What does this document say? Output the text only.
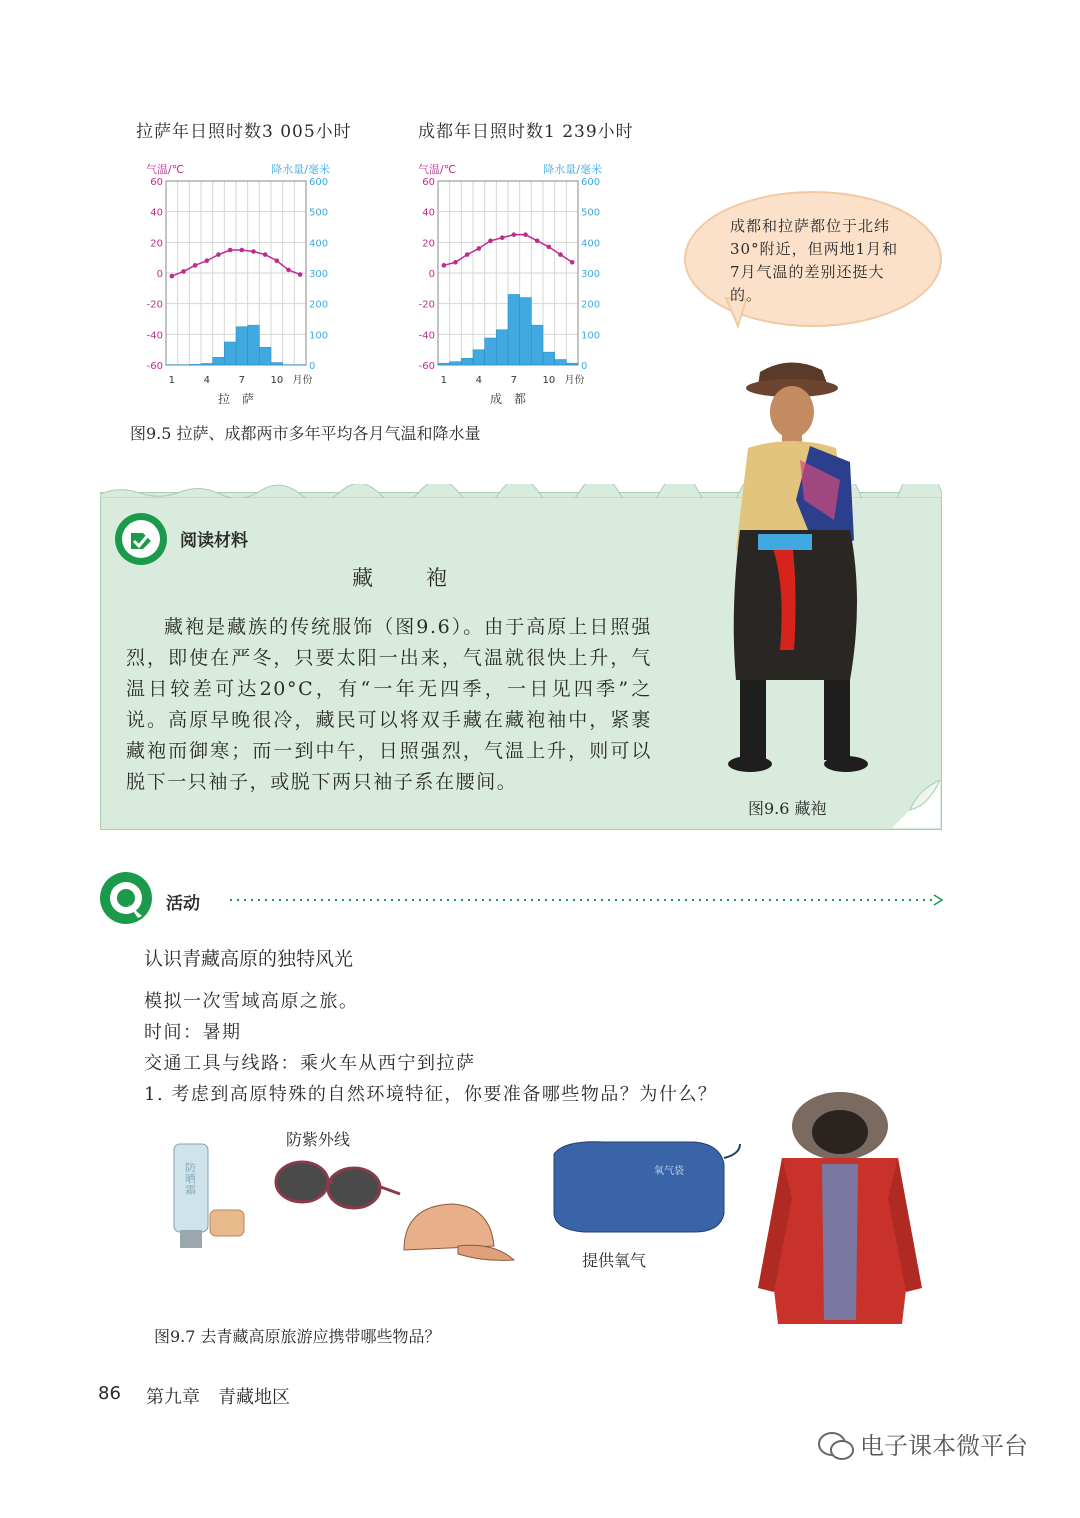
拉萨年日照时数3 005小时	成都年日照时数1 239小时
60
40
20
0
-20
-40
-60
600
500
400
300
200
100
0
气温/℃	降水量/毫米
1	4	7	10 月份
拉　萨
60
40
20
0
-20
-40
-60
600
500
400
300
200
100
0
气温/℃	降水量/毫米
1	4	7	10 月份
成　都
图9.5 拉萨、成都两市多年平均各月气温和降水量
成都和拉萨都位于北纬30°附近，但两地1月和7月气温的差别还挺大的。
阅读材料
藏　袍
藏袍是藏族的传统服饰（图9.6）。由于高原上日照强烈，即使在严冬，只要太阳一出来，气温就很快上升，气温日较差可达20°C，有“一年无四季，一日见四季”之说。高原早晚很冷，藏民可以将双手藏在藏袍袖中，紧裹藏袍而御寒；而一到中午，日照强烈，气温上升，则可以脱下一只袖子，或脱下两只袖子系在腰间。
图9.6 藏袍
活动
认识青藏高原的独特风光
模拟一次雪域高原之旅。
时间：暑期
交通工具与线路：乘火车从西宁到拉萨
1. 考虑到高原特殊的自然环境特征，你要准备哪些物品？为什么？
防晒霜
防紫外线
氧气袋
提供氧气
图9.7 去青藏高原旅游应携带哪些物品？
86 第九章　青藏地区
电子课本微平台
